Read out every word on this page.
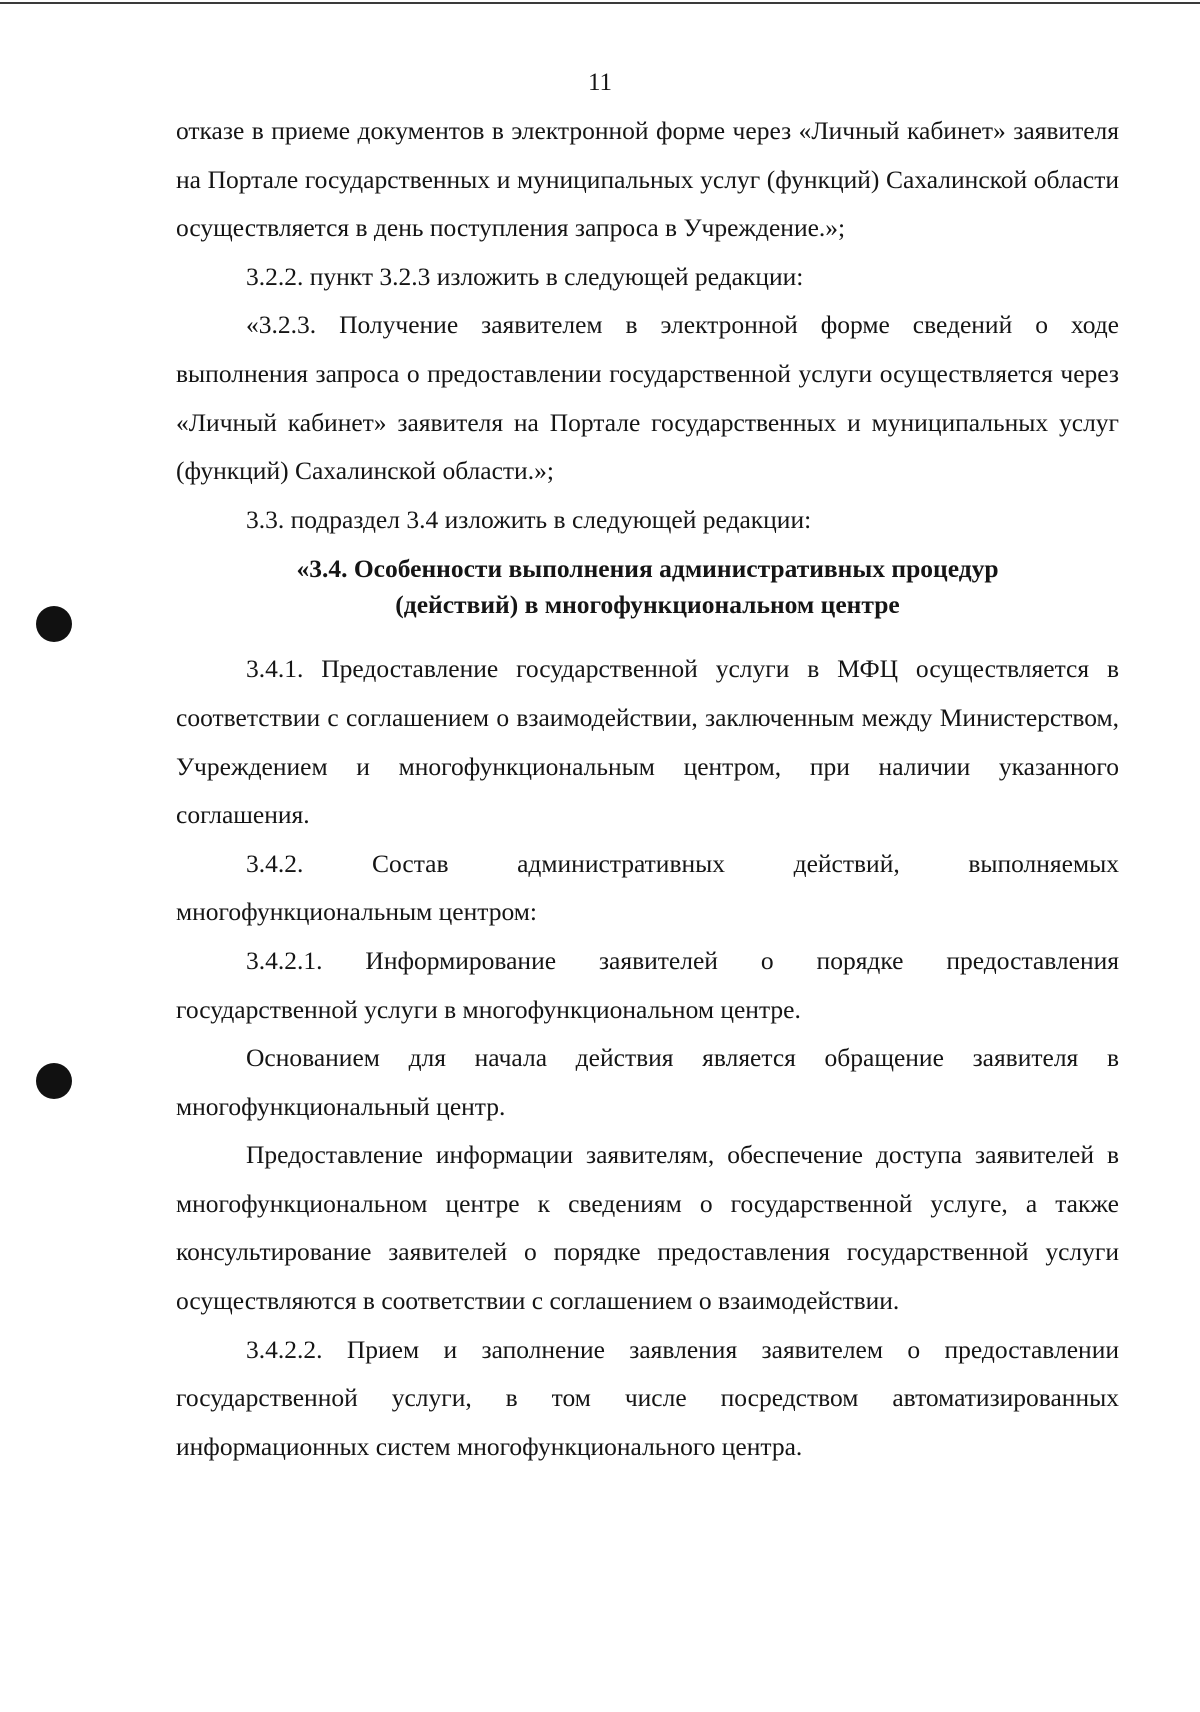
11

отказе в приеме документов в электронной форме через «Личный кабинет» заявителя на Портале государственных и муниципальных услуг (функций) Сахалинской области осуществляется в день поступления запроса в Учреждение.»;

3.2.2. пункт 3.2.3 изложить в следующей редакции:

«3.2.3. Получение заявителем в электронной форме сведений о ходе выполнения запроса о предоставлении государственной услуги осуществляется через «Личный кабинет» заявителя на Портале государственных и муниципальных услуг (функций) Сахалинской области.»;

3.3. подраздел 3.4 изложить в следующей редакции:

«3.4. Особенности выполнения административных процедур
(действий) в многофункциональном центре

3.4.1. Предоставление государственной услуги в МФЦ осуществляется в соответствии с соглашением о взаимодействии, заключенным между Министерством, Учреждением и многофункциональным центром, при наличии указанного соглашения.

3.4.2. Состав административных действий, выполняемых многофункциональным центром:

3.4.2.1. Информирование заявителей о порядке предоставления государственной услуги в многофункциональном центре.

Основанием для начала действия является обращение заявителя в многофункциональный центр.

Предоставление информации заявителям, обеспечение доступа заявителей в многофункциональном центре к сведениям о государственной услуге, а также консультирование заявителей о порядке предоставления государственной услуги осуществляются в соответствии с соглашением о взаимодействии.

3.4.2.2. Прием и заполнение заявления заявителем о предоставлении государственной услуги, в том числе посредством автоматизированных информационных систем многофункционального центра.
